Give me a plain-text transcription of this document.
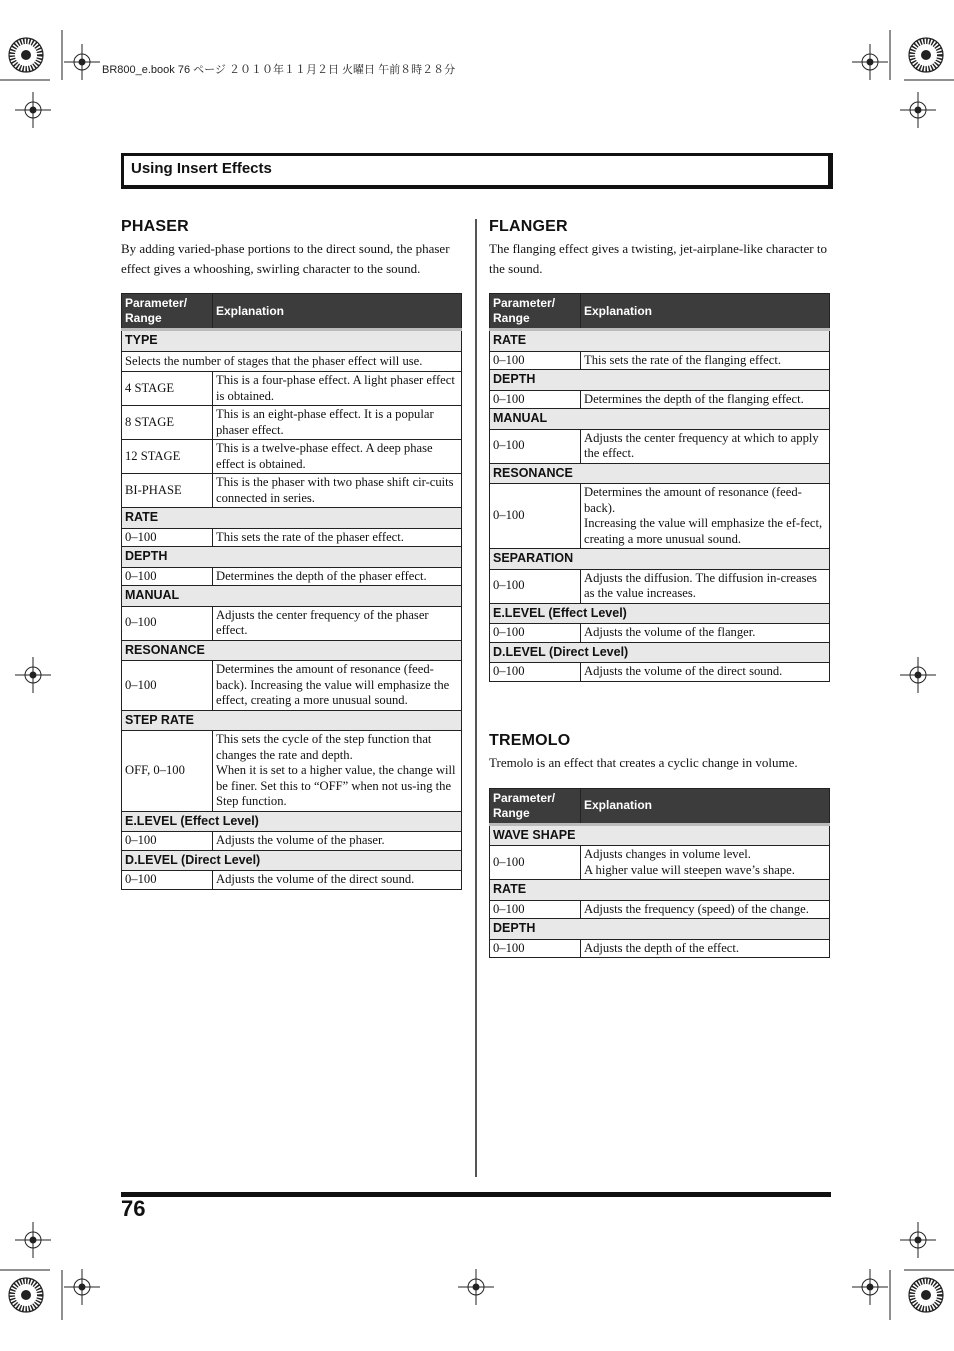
BR800_e.book 76 ページ ２０１０年１１月２日 火曜日 午前８時２８分
Using Insert Effects
PHASER

By adding varied-phase portions to the direct sound, the phaser effect gives a whooshing, swirling character to the sound.

Parameter/ Range	Explanation
TYPE	
Selects the number of stages that the phaser effect will use.	
4 STAGE	This is a four-phase effect. A light phaser effect is obtained.
8 STAGE	This is an eight-phase effect. It is a popular phaser effect.
12 STAGE	This is a twelve-phase effect. A deep phase effect is obtained.
BI-PHASE	This is the phaser with two phase shift cir-cuits connected in series.
RATE	
0–100	This sets the rate of the phaser effect.
DEPTH	
0–100	Determines the depth of the phaser effect.
MANUAL	
0–100	Adjusts the center frequency of the phaser effect.
RESONANCE	
0–100	Determines the amount of resonance (feed-back). Increasing the value will emphasize the effect, creating a more unusual sound.
STEP RATE	
OFF, 0–100	This sets the cycle of the step function that changes the rate and depth.
When it is set to a higher value, the change will be finer. Set this to “OFF” when not us-ing the Step function.
E.LEVEL (Effect Level)	
0–100	Adjusts the volume of the phaser.
D.LEVEL (Direct Level)	
0–100	Adjusts the volume of the direct sound.
FLANGER

The flanging effect gives a twisting, jet-airplane-like character to the sound.

Parameter/ Range	Explanation
RATE	
0–100	This sets the rate of the flanging effect.
DEPTH	
0–100	Determines the depth of the flanging effect.
MANUAL	
0–100	Adjusts the center frequency at which to apply the effect.
RESONANCE	
0–100	Determines the amount of resonance (feed-back).
Increasing the value will emphasize the ef-fect, creating a more unusual sound.
SEPARATION	
0–100	Adjusts the diffusion. The diffusion in-creases as the value increases.
E.LEVEL (Effect Level)	
0–100	Adjusts the volume of the flanger.
D.LEVEL (Direct Level)	
0–100	Adjusts the volume of the direct sound.
TREMOLO

Tremolo is an effect that creates a cyclic change in volume.

Parameter/ Range	Explanation
WAVE SHAPE	
0–100	Adjusts changes in volume level.
A higher value will steepen wave’s shape.
RATE	
0–100	Adjusts the frequency (speed) of the change.
DEPTH	
0–100	Adjusts the depth of the effect.
76
